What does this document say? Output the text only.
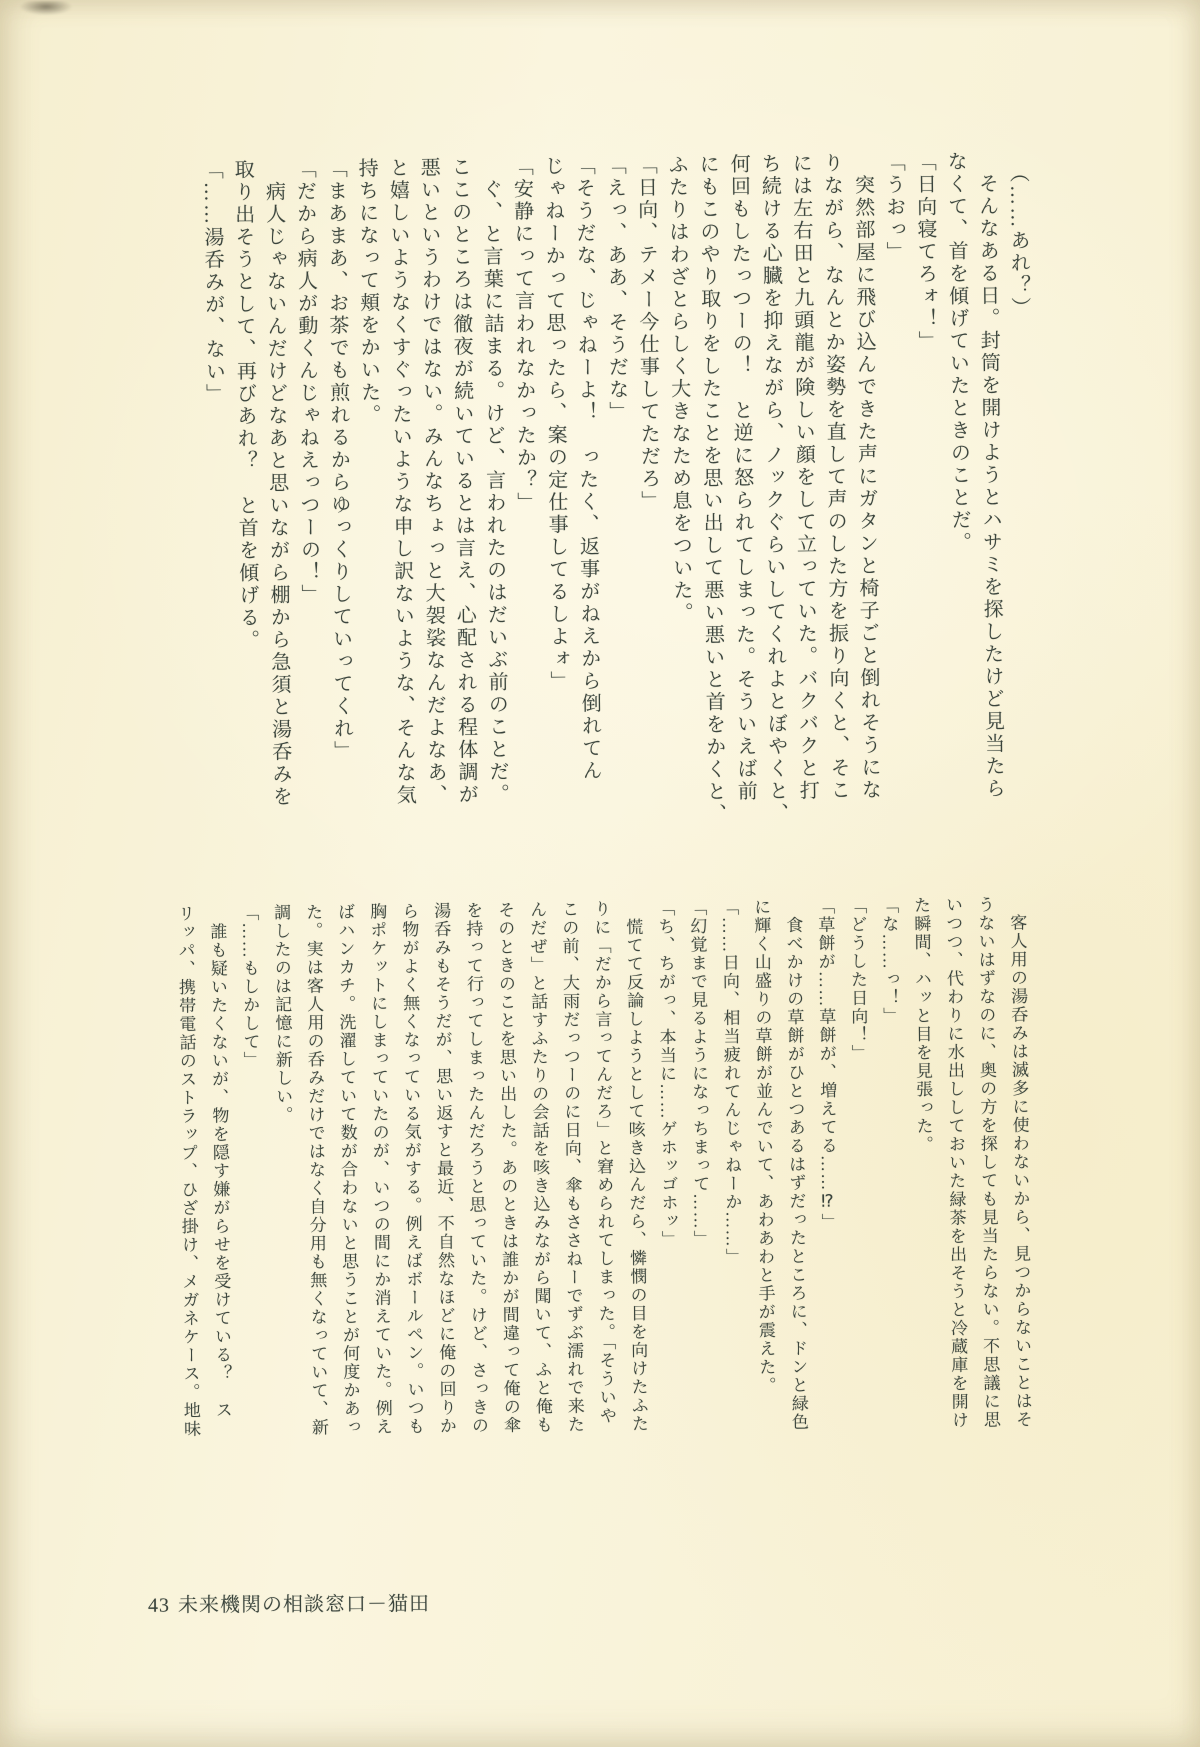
　（……あれ？）

　そんなある日。封筒を開けようとハサミを探したけど見当たら

なくて、首を傾げていたときのことだ。

「日向寝てろォ！」

「うおっ」

　突然部屋に飛び込んできた声にガタンと椅子ごと倒れそうにな

りながら、なんとか姿勢を直して声のした方を振り向くと、そこ

には左右田と九頭龍が険しい顔をして立っていた。バクバクと打

ち続ける心臓を抑えながら、ノックぐらいしてくれよとぼやくと、

何回もしたっつーの！　と逆に怒られてしまった。そういえば前

にもこのやり取りをしたことを思い出して悪い悪いと首をかくと、

ふたりはわざとらしく大きなため息をついた。

「日向、テメー今仕事してただろ」

「えっ、ああ、そうだな」

「そうだな、じゃねーよ！　ったく、返事がねえから倒れてん

じゃねーかって思ったら、案の定仕事してるしよォ」

「安静にって言われなかったか？」

　ぐ、と言葉に詰まる。けど、言われたのはだいぶ前のことだ。

ここのところは徹夜が続いているとは言え、心配される程体調が

悪いというわけではない。みんなちょっと大袈裟なんだよなあ、

と嬉しいようなくすぐったいような申し訳ないような、そんな気

持ちになって頬をかいた。

「まあまあ、お茶でも煎れるからゆっくりしていってくれ」

「だから病人が動くんじゃねえっつーの！」

　病人じゃないんだけどなあと思いながら棚から急須と湯呑みを

取り出そうとして、再びあれ？　と首を傾げる。

「……湯呑みが、ない」

　客人用の湯呑みは滅多に使わないから、見つからないことはそ

うないはずなのに、奥の方を探しても見当たらない。不思議に思

いつつ、代わりに水出ししておいた緑茶を出そうと冷蔵庫を開け

た瞬間、ハッと目を見張った。

「な……っ！」

「どうした日向！」

「草餅が……草餅が、増えてる……⁉」

　食べかけの草餅がひとつあるはずだったところに、ドンと緑色

に輝く山盛りの草餅が並んでいて、あわあわと手が震えた。

「……日向、相当疲れてんじゃねーか……」

「幻覚まで見るようになっちまって……」

「ち、ちがっ、本当に……ゲホッゴホッ」

　慌てて反論しようとして咳き込んだら、憐憫の目を向けたふた

りに「だから言ってんだろ」と窘められてしまった。「そういや

この前、大雨だっつーのに日向、傘もささねーでずぶ濡れで来た

んだぜ」と話すふたりの会話を咳き込みながら聞いて、ふと俺も

そのときのことを思い出した。あのときは誰かが間違って俺の傘

を持って行ってしまったんだろうと思っていた。けど、さっきの

湯呑みもそうだが、思い返すと最近、不自然なほどに俺の回りか

ら物がよく無くなっている気がする。例えばボールペン。いつも

胸ポケットにしまっていたのが、いつの間にか消えていた。例え

ばハンカチ。洗濯していて数が合わないと思うことが何度かあっ

た。実は客人用の呑みだけではなく自分用も無くなっていて、新

調したのは記憶に新しい。

「……もしかして」

　誰も疑いたくないが、物を隠す嫌がらせを受けている？　ス

リッパ、携帯電話のストラップ、ひざ掛け、メガネケース。地味

43 未来機関の相談窓口－猫田
